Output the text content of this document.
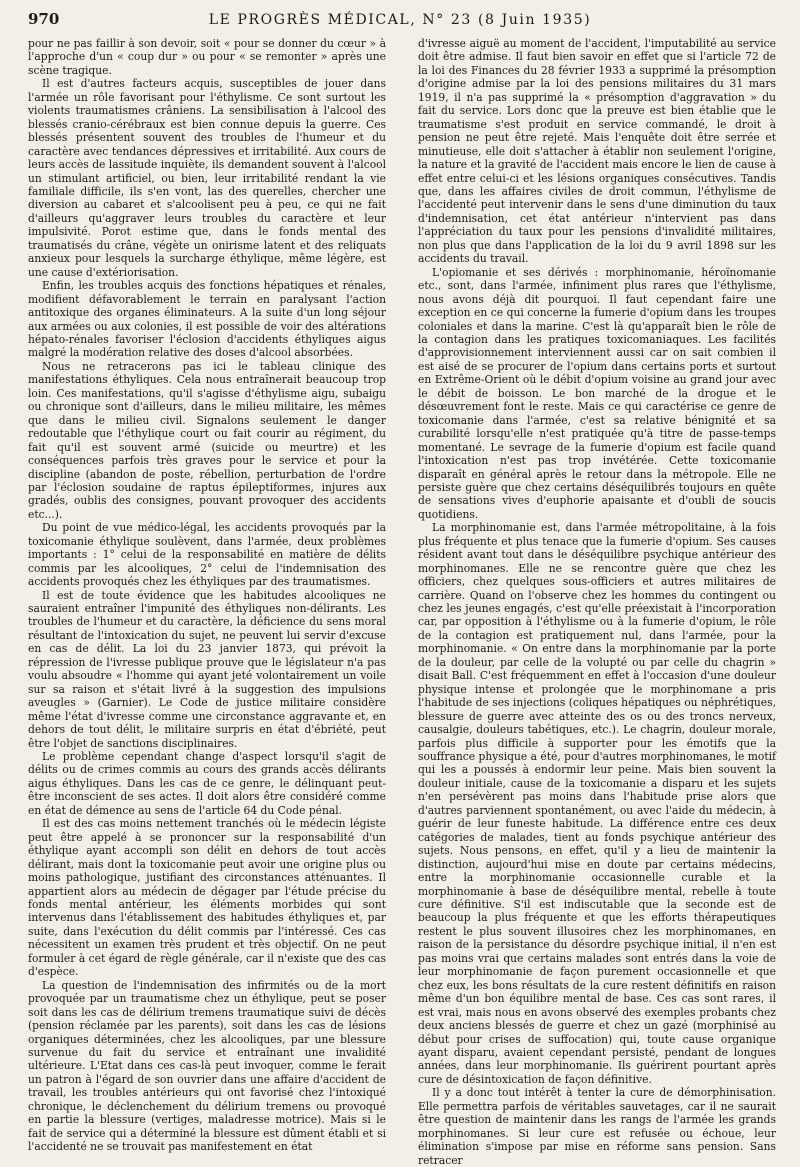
970	LE PROGRÈS MÉDICAL, N° 23 (8 Juin 1935)

pour ne pas faillir à son devoir, soit « pour se donner du cœur » à l'approche d'un « coup dur » ou pour « se remonter » après une scène tragique.

Il est d'autres facteurs acquis, susceptibles de jouer dans l'armée un rôle favorisant pour l'éthylisme. Ce sont surtout les violents traumatismes crâniens. La sensibilisation à l'alcool des blessés cranio-cérébraux est bien connue depuis la guerre. Ces blessés présentent souvent des troubles de l'humeur et du caractère avec tendances dépressives et irritabilité. Aux cours de leurs accès de lassitude inquiète, ils demandent souvent à l'alcool un stimulant artificiel, ou bien, leur irritabilité rendant la vie familiale difficile, ils s'en vont, las des querelles, chercher une diversion au cabaret et s'alcoolisent peu à peu, ce qui ne fait d'ailleurs qu'aggraver leurs troubles du caractère et leur impulsivité. Porot estime que, dans le fonds mental des traumatisés du crâne, végète un onirisme latent et des reliquats anxieux pour lesquels la surcharge éthylique, même légère, est une cause d'extériorisation.

Enfin, les troubles acquis des fonctions hépatiques et rénales, modifient défavorablement le terrain en paralysant l'action antitoxique des organes éliminateurs. A la suite d'un long séjour aux armées ou aux colonies, il est possible de voir des altérations hépato-rénales favoriser l'éclosion d'accidents éthyliques aigus malgré la modération relative des doses d'alcool absorbées.

Nous ne retracerons pas ici le tableau clinique des manifestations éthyliques. Cela nous entraînerait beaucoup trop loin. Ces manifestations, qu'il s'agisse d'éthylisme aigu, subaigu ou chronique sont d'ailleurs, dans le milieu militaire, les mêmes que dans le milieu civil. Signalons seulement le danger redoutable que l'éthylique court ou fait courir au régiment, du fait qu'il est souvent armé (suicide ou meurtre) et les conséquences parfois très graves pour le service et pour la discipline (abandon de poste, rébellion, perturbation de l'ordre par l'éclosion soudaine de raptus épileptiformes, injures aux gradés, oublis des consignes, pouvant provoquer des accidents etc...).

Du point de vue médico-légal, les accidents provoqués par la toxicomanie éthylique soulèvent, dans l'armée, deux problèmes importants : 1° celui de la responsabilité en matière de délits commis par les alcooliques, 2° celui de l'indemnisation des accidents provoqués chez les éthyliques par des traumatismes.

Il est de toute évidence que les habitudes alcooliques ne sauraient entraîner l'impunité des éthyliques non-délirants. Les troubles de l'humeur et du caractère, la déficience du sens moral résultant de l'intoxication du sujet, ne peuvent lui servir d'excuse en cas de délit. La loi du 23 janvier 1873, qui prévoit la répression de l'ivresse publique prouve que le législateur n'a pas voulu absoudre « l'homme qui ayant jeté volontairement un voile sur sa raison et s'était livré à la suggestion des impulsions aveugles » (Garnier). Le Code de justice militaire considère même l'état d'ivresse comme une circonstance aggravante et, en dehors de tout délit, le militaire surpris en état d'ébriété, peut être l'objet de sanctions disciplinaires.

Le problème cependant change d'aspect lorsqu'il s'agit de délits ou de crimes commis au cours des grands accès délirants aigus éthyliques. Dans les cas de ce genre, le délinquant peut-être inconscient de ses actes. Il doit alors être considéré comme en état de démence au sens de l'article 64 du Code pénal.

Il est des cas moins nettement tranchés où le médecin légiste peut être appelé à se prononcer sur la responsabilité d'un éthylique ayant accompli son délit en dehors de tout accès délirant, mais dont la toxicomanie peut avoir une origine plus ou moins pathologique, justifiant des circonstances atténuantes. Il appartient alors au médecin de dégager par l'étude précise du fonds mental antérieur, les éléments morbides qui sont intervenus dans l'établissement des habitudes éthyliques et, par suite, dans l'exécution du délit commis par l'intéressé. Ces cas nécessitent un examen très prudent et très objectif. On ne peut formuler à cet égard de règle générale, car il n'existe que des cas d'espèce.

La question de l'indemnisation des infirmités ou de la mort provoquée par un traumatisme chez un éthylique, peut se poser soit dans les cas de délirium tremens traumatique suivi de décès (pension réclamée par les parents), soit dans les cas de lésions organiques déterminées, chez les alcooliques, par une blessure survenue du fait du service et entraînant une invalidité ultérieure. L'Etat dans ces cas-là peut invoquer, comme le ferait un patron à l'égard de son ouvrier dans une affaire d'accident de travail, les troubles antérieurs qui ont favorisé chez l'intoxiqué chronique, le déclenchement du délirium tremens ou provoqué en partie la blessure (vertiges, maladresse motrice). Mais si le fait de service qui a déterminé la blessure est dûment établi et si l'accidenté ne se trouvait pas manifestement en état

d'ivresse aiguë au moment de l'accident, l'imputabilité au service doit être admise. Il faut bien savoir en effet que si l'article 72 de la loi des Finances du 28 février 1933 a supprimé la présomption d'origine admise par la loi des pensions militaires du 31 mars 1919, il n'a pas supprimé la « présomption d'aggravation » du fait du service. Lors donc que la preuve est bien établie que le traumatisme s'est produit en service commandé, le droit à pension ne peut être rejeté. Mais l'enquête doit être serrée et minutieuse, elle doit s'attacher à établir non seulement l'origine, la nature et la gravité de l'accident mais encore le lien de cause à effet entre celui-ci et les lésions organiques consécutives. Tandis que, dans les affaires civiles de droit commun, l'éthylisme de l'accidenté peut intervenir dans le sens d'une diminution du taux d'indemnisation, cet état antérieur n'intervient pas dans l'appréciation du taux pour les pensions d'invalidité militaires, non plus que dans l'application de la loi du 9 avril 1898 sur les accidents du travail.

L'opiomanie et ses dérivés : morphinomanie, héroïnomanie etc., sont, dans l'armée, infiniment plus rares que l'éthylisme, nous avons déjà dit pourquoi. Il faut cependant faire une exception en ce qui concerne la fumerie d'opium dans les troupes coloniales et dans la marine. C'est là qu'apparaît bien le rôle de la contagion dans les pratiques toxicomaniaques. Les facilités d'approvisionnement interviennent aussi car on sait combien il est aisé de se procurer de l'opium dans certains ports et surtout en Extrême-Orient où le débit d'opium voisine au grand jour avec le débit de boisson. Le bon marché de la drogue et le désœuvrement font le reste. Mais ce qui caractérise ce genre de toxicomanie dans l'armée, c'est sa relative bénignité et sa curabilité lorsqu'elle n'est pratiquée qu'à titre de passe-temps momentané. Le sevrage de la fumerie d'opium est facile quand l'intoxication n'est pas trop invétérée. Cette toxicomanie disparaît en général après le retour dans la métropole. Elle ne persiste guère que chez certains déséquilibrés toujours en quête de sensations vives d'euphorie apaisante et d'oubli de soucis quotidiens.

La morphinomanie est, dans l'armée métropolitaine, à la fois plus fréquente et plus tenace que la fumerie d'opium. Ses causes résident avant tout dans le déséquilibre psychique antérieur des morphinomanes. Elle ne se rencontre guère que chez les officiers, chez quelques sous-officiers et autres militaires de carrière. Quand on l'observe chez les hommes du contingent ou chez les jeunes engagés, c'est qu'elle préexistait à l'incorporation car, par opposition à l'éthylisme ou à la fumerie d'opium, le rôle de la contagion est pratiquement nul, dans l'armée, pour la morphinomanie. « On entre dans la morphinomanie par la porte de la douleur, par celle de la volupté ou par celle du chagrin » disait Ball. C'est fréquemment en effet à l'occasion d'une douleur physique intense et prolongée que le morphinomane a pris l'habitude de ses injections (coliques hépatiques ou néphrétiques, blessure de guerre avec atteinte des os ou des troncs nerveux, causalgie, douleurs tabétiques, etc.). Le chagrin, douleur morale, parfois plus difficile à supporter pour les émotifs que la souffrance physique a été, pour d'autres morphinomanes, le motif qui les a poussés à endormir leur peine. Mais bien souvent la douleur initiale, cause de la toxicomanie a disparu et les sujets n'en persévèrent pas moins dans l'habitude prise alors que d'autres parviennent spontanément, ou avec l'aide du médecin, à guérir de leur funeste habitude. La différence entre ces deux catégories de malades, tient au fonds psychique antérieur des sujets. Nous pensons, en effet, qu'il y a lieu de maintenir la distinction, aujourd'hui mise en doute par certains médecins, entre la morphinomanie occasionnelle curable et la morphinomanie à base de déséquilibre mental, rebelle à toute cure définitive. S'il est indiscutable que la seconde est de beaucoup la plus fréquente et que les efforts thérapeutiques restent le plus souvent illusoires chez les morphinomanes, en raison de la persistance du désordre psychique initial, il n'en est pas moins vrai que certains malades sont entrés dans la voie de leur morphinomanie de façon purement occasionnelle et que chez eux, les bons résultats de la cure restent définitifs en raison même d'un bon équilibre mental de base. Ces cas sont rares, il est vrai, mais nous en avons observé des exemples probants chez deux anciens blessés de guerre et chez un gazé (morphinisé au début pour crises de suffocation) qui, toute cause organique ayant disparu, avaient cependant persisté, pendant de longues années, dans leur morphinomanie. Ils guérirent pourtant après cure de désintoxication de façon définitive.

Il y a donc tout intérêt à tenter la cure de démorphinisation. Elle permettra parfois de véritables sauvetages, car il ne saurait être question de maintenir dans les rangs de l'armée les grands morphinomanes. Si leur cure est refusée ou échoue, leur élimination s'impose par mise en réforme sans pension. Sans retracer
